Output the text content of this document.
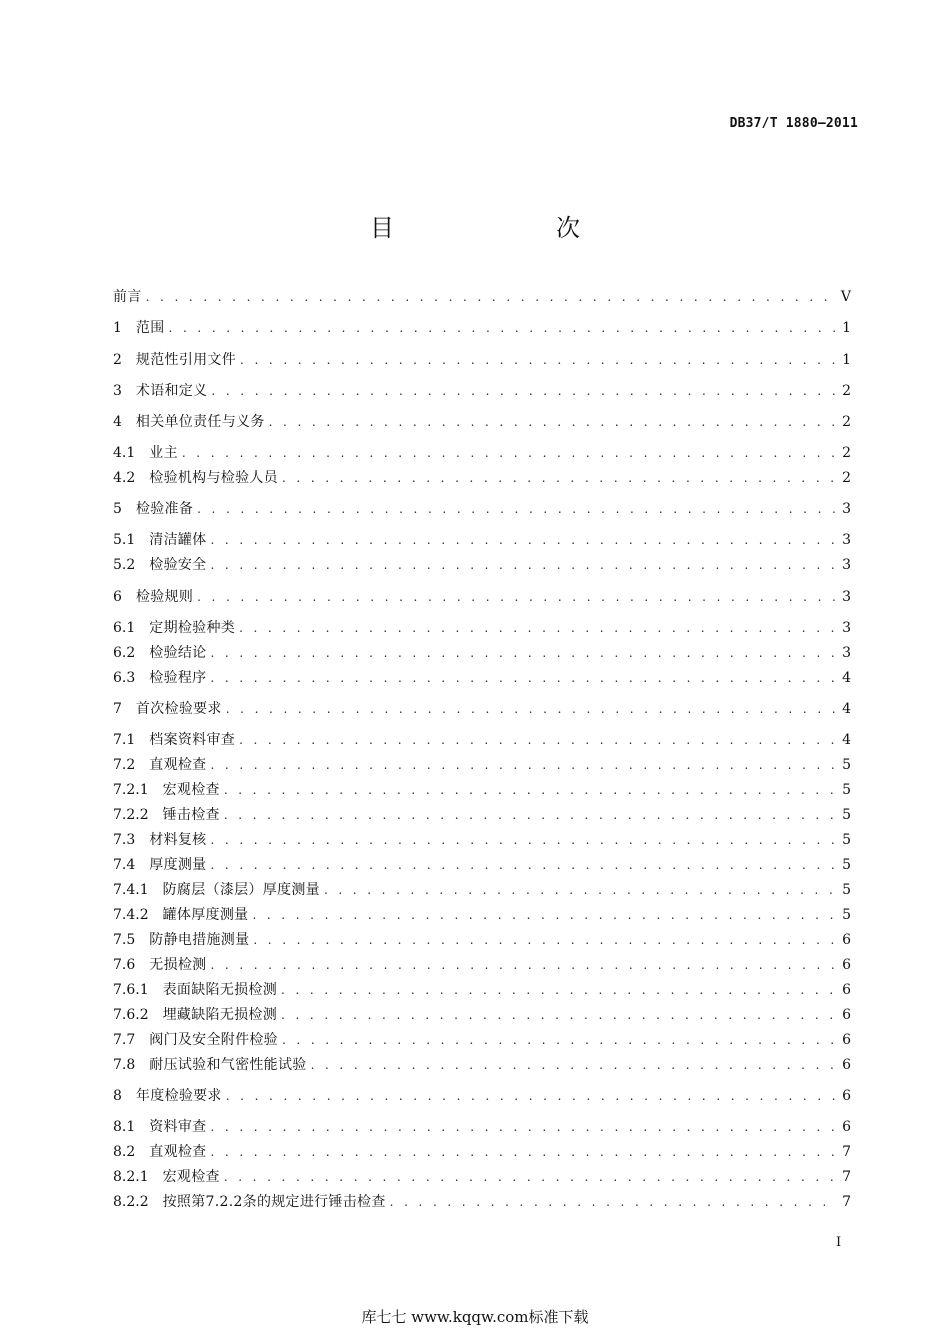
DB37/T 1880—2011
目　　次
前言 . . .	V
1　 范围 . . .	1
2　 规范性引用文件 . . .	1
3　 术语和定义 . . .	2
4　 相关单位责任与义务 . . .	2
4.1　 业主 . . .	2
4.2　 检验机构与检验人员 . . .	2
5　 检验准备 . . .	3
5.1　 清洁罐体 . . .	3
5.2　 检验安全 . . .	3
6　 检验规则 . . .	3
6.1　 定期检验种类 . . .	3
6.2　 检验结论 . . .	3
6.3　 检验程序 . . .	4
7　 首次检验要求 . . .	4
7.1　 档案资料审查 . . .	4
7.2　 直观检查 . . .	5
7.2.1　 宏观检查 . . .	5
7.2.2　 锤击检查 . . .	5
7.3　 材料复核 . . .	5
7.4　 厚度测量 . . .	5
7.4.1　 防腐层（漆层）厚度测量 . . .	5
7.4.2　 罐体厚度测量 . . .	5
7.5　 防静电措施测量 . . .	6
7.6　 无损检测 . . .	6
7.6.1　 表面缺陷无损检测 . . .	6
7.6.2　 埋藏缺陷无损检测 . . .	6
7.7　 阀门及安全附件检验 . . .	6
7.8　 耐压试验和气密性能试验 . . .	6
8　 年度检验要求 . . .	6
8.1　 资料审查 . . .	6
8.2　 直观检查 . . .	7
8.2.1　 宏观检查 . . .	7
8.2.2　 按照第7.2.2条的规定进行锤击检查 . . .	7
I
库七七 www.kqqw.com标准下载
